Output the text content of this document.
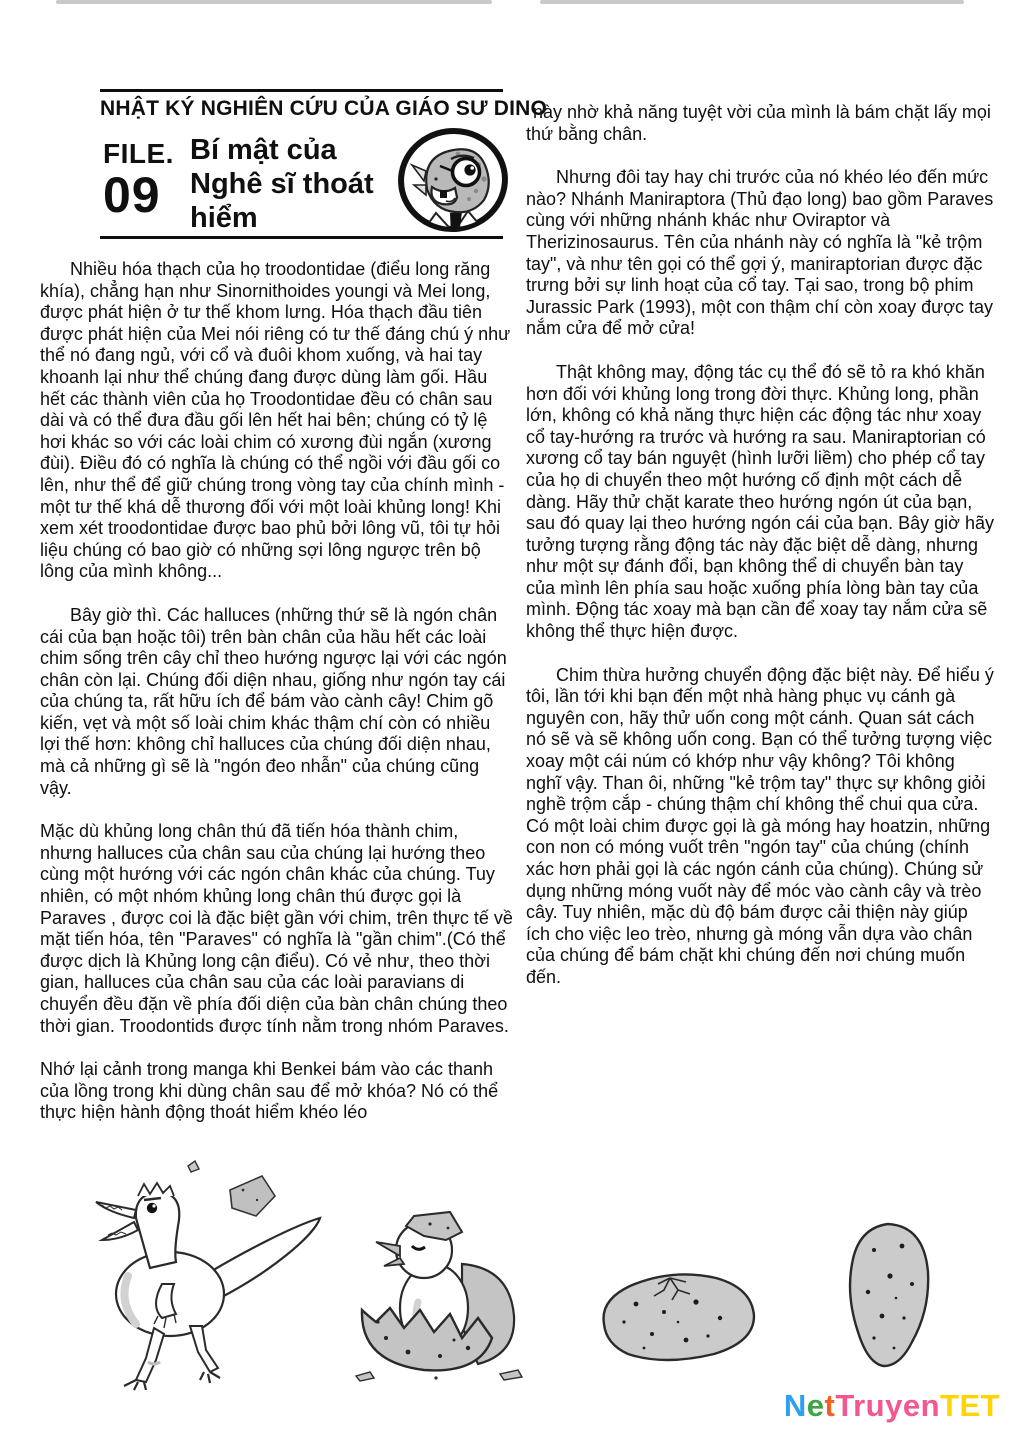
NHẬT KÝ NGHIÊN CỨU CỦA GIÁO SƯ DINO
FILE.
09
Bí mật của
Nghê sĩ thoát
hiểm

Nhiều hóa thạch của họ troodontidae (điểu long răng khía), chẳng hạn như Sinornithoides youngi và Mei long, được phát hiện ở tư thế khom lưng. Hóa thạch đầu tiên được phát hiện của Mei nói riêng có tư thế đáng chú ý như thể nó đang ngủ, với cổ và đuôi khom xuống, và hai tay khoanh lại như thể chúng đang được dùng làm gối. Hầu hết các thành viên của họ Troodontidae đều có chân sau dài và có thể đưa đầu gối lên hết hai bên; chúng có tỷ lệ hơi khác so với các loài chim có xương đùi ngắn (xương đùi). Điều đó có nghĩa là chúng có thể ngồi với đầu gối co lên, như thể để giữ chúng trong vòng tay của chính mình - một tư thế khá dễ thương đối với một loài khủng long! Khi xem xét troodontidae được bao phủ bởi lông vũ, tôi tự hỏi liệu chúng có bao giờ có những sợi lông ngược trên bộ lông của mình không...

Bây giờ thì. Các halluces (những thứ sẽ là ngón chân cái của bạn hoặc tôi) trên bàn chân của hầu hết các loài chim sống trên cây chỉ theo hướng ngược lại với các ngón chân còn lại. Chúng đối diện nhau, giống như ngón tay cái của chúng ta, rất hữu ích để bám vào cành cây! Chim gõ kiến, vẹt và một số loài chim khác thậm chí còn có nhiều lợi thế hơn: không chỉ halluces của chúng đối diện nhau, mà cả những gì sẽ là "ngón đeo nhẫn" của chúng cũng vậy.

Mặc dù khủng long chân thú đã tiến hóa thành chim, nhưng halluces của chân sau của chúng lại hướng theo cùng một hướng với các ngón chân khác của chúng. Tuy nhiên, có một nhóm khủng long chân thú được gọi là Paraves , được coi là đặc biệt gần với chim, trên thực tế về mặt tiến hóa, tên "Paraves" có nghĩa là "gần chim".(Có thể được dịch là Khủng long cận điểu). Có vẻ như, theo thời gian, halluces của chân sau của các loài paravians di chuyển đều đặn về phía đối diện của bàn chân chúng theo thời gian. Troodontids được tính nằm trong nhóm Paraves.

Nhớ lại cảnh trong manga khi Benkei bám vào các thanh của lồng trong khi dùng chân sau để mở khóa? Nó có thể thực hiện hành động thoát hiểm khéo léo

này nhờ khả năng tuyệt vời của mình là bám chặt lấy mọi thứ bằng chân.

Nhưng đôi tay hay chi trước của nó khéo léo đến mức nào? Nhánh Maniraptora (Thủ đạo long) bao gồm Paraves cùng với những nhánh khác như Oviraptor và Therizinosaurus. Tên của nhánh này có nghĩa là "kẻ trộm tay", và như tên gọi có thể gợi ý, maniraptorian được đặc trưng bởi sự linh hoạt của cổ tay. Tại sao, trong bộ phim Jurassic Park (1993), một con thậm chí còn xoay được tay nắm cửa để mở cửa!

Thật không may, động tác cụ thể đó sẽ tỏ ra khó khăn hơn đối với khủng long trong đời thực. Khủng long, phần lớn, không có khả năng thực hiện các động tác như xoay cổ tay-hướng ra trước và hướng ra sau. Maniraptorian có xương cổ tay bán nguyệt (hình lưỡi liềm) cho phép cổ tay của họ di chuyển theo một hướng cố định một cách dễ dàng. Hãy thử chặt karate theo hướng ngón út của bạn, sau đó quay lại theo hướng ngón cái của bạn. Bây giờ hãy tưởng tượng rằng động tác này đặc biệt dễ dàng, nhưng như một sự đánh đổi, bạn không thể di chuyển bàn tay của mình lên phía sau hoặc xuống phía lòng bàn tay của mình. Động tác xoay mà bạn cần để xoay tay nắm cửa sẽ không thể thực hiện được.

Chim thừa hưởng chuyển động đặc biệt này. Để hiểu ý tôi, lần tới khi bạn đến một nhà hàng phục vụ cánh gà nguyên con, hãy thử uốn cong một cánh. Quan sát cách nó sẽ và sẽ không uốn cong. Bạn có thể tưởng tượng việc xoay một cái núm có khớp như vậy không? Tôi không nghĩ vậy. Than ôi, những "kẻ trộm tay" thực sự không giỏi nghề trộm cắp - chúng thậm chí không thể chui qua cửa. Có một loài chim được gọi là gà móng hay hoatzin, những con non có móng vuốt trên "ngón tay" của chúng (chính xác hơn phải gọi là các ngón cánh của chúng). Chúng sử dụng những móng vuốt này để móc vào cành cây và trèo cây. Tuy nhiên, mặc dù độ bám được cải thiện này giúp ích cho việc leo trèo, nhưng gà móng vẫn dựa vào chân của chúng để bám chặt khi chúng đến nơi chúng muốn đến.

NetTruyenTET
